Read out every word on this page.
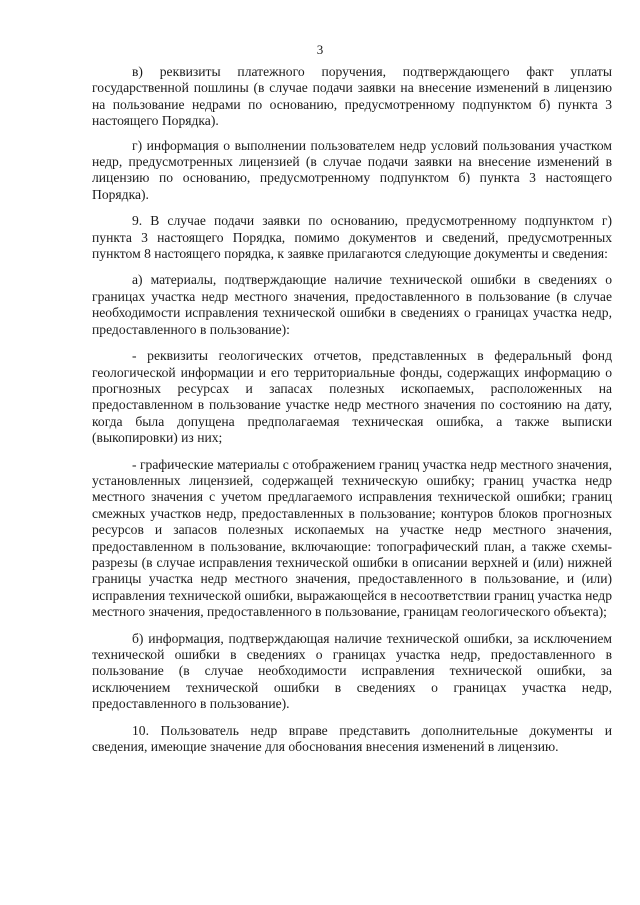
3

в) реквизиты платежного поручения, подтверждающего факт уплаты государственной пошлины (в случае подачи заявки на внесение изменений в лицензию на пользование недрами по основанию, предусмотренному подпунктом б) пункта 3 настоящего Порядка).

г) информация о выполнении пользователем недр условий пользования участком недр, предусмотренных лицензией (в случае подачи заявки на внесение изменений в лицензию по основанию, предусмотренному подпунктом б) пункта 3 настоящего Порядка).

9. В случае подачи заявки по основанию, предусмотренному подпунктом г) пункта 3 настоящего Порядка, помимо документов и сведений, предусмотренных пунктом 8 настоящего порядка, к заявке прилагаются следующие документы и сведения:

а) материалы, подтверждающие наличие технической ошибки в сведениях о границах участка недр местного значения, предоставленного в пользование (в случае необходимости исправления технической ошибки в сведениях о границах участка недр, предоставленного в пользование):

- реквизиты геологических отчетов, представленных в федеральный фонд геологической информации и его территориальные фонды, содержащих информацию о прогнозных ресурсах и запасах полезных ископаемых, расположенных на предоставленном в пользование участке недр местного значения по состоянию на дату, когда была допущена предполагаемая техническая ошибка, а также выписки (выкопировки) из них;

- графические материалы с отображением границ участка недр местного значения, установленных лицензией, содержащей техническую ошибку; границ участка недр местного значения с учетом предлагаемого исправления технической ошибки; границ смежных участков недр, предоставленных в пользование; контуров блоков прогнозных ресурсов и запасов полезных ископаемых на участке недр местного значения, предоставленном в пользование, включающие: топографический план, а также схемы-разрезы (в случае исправления технической ошибки в описании верхней и (или) нижней границы участка недр местного значения, предоставленного в пользование, и (или) исправления технической ошибки, выражающейся в несоответствии границ участка недр местного значения, предоставленного в пользование, границам геологического объекта);

б) информация, подтверждающая наличие технической ошибки, за исключением технической ошибки в сведениях о границах участка недр, предоставленного в пользование (в случае необходимости исправления технической ошибки, за исключением технической ошибки в сведениях о границах участка недр, предоставленного в пользование).

10. Пользователь недр вправе представить дополнительные документы и сведения, имеющие значение для обоснования внесения изменений в лицензию.
